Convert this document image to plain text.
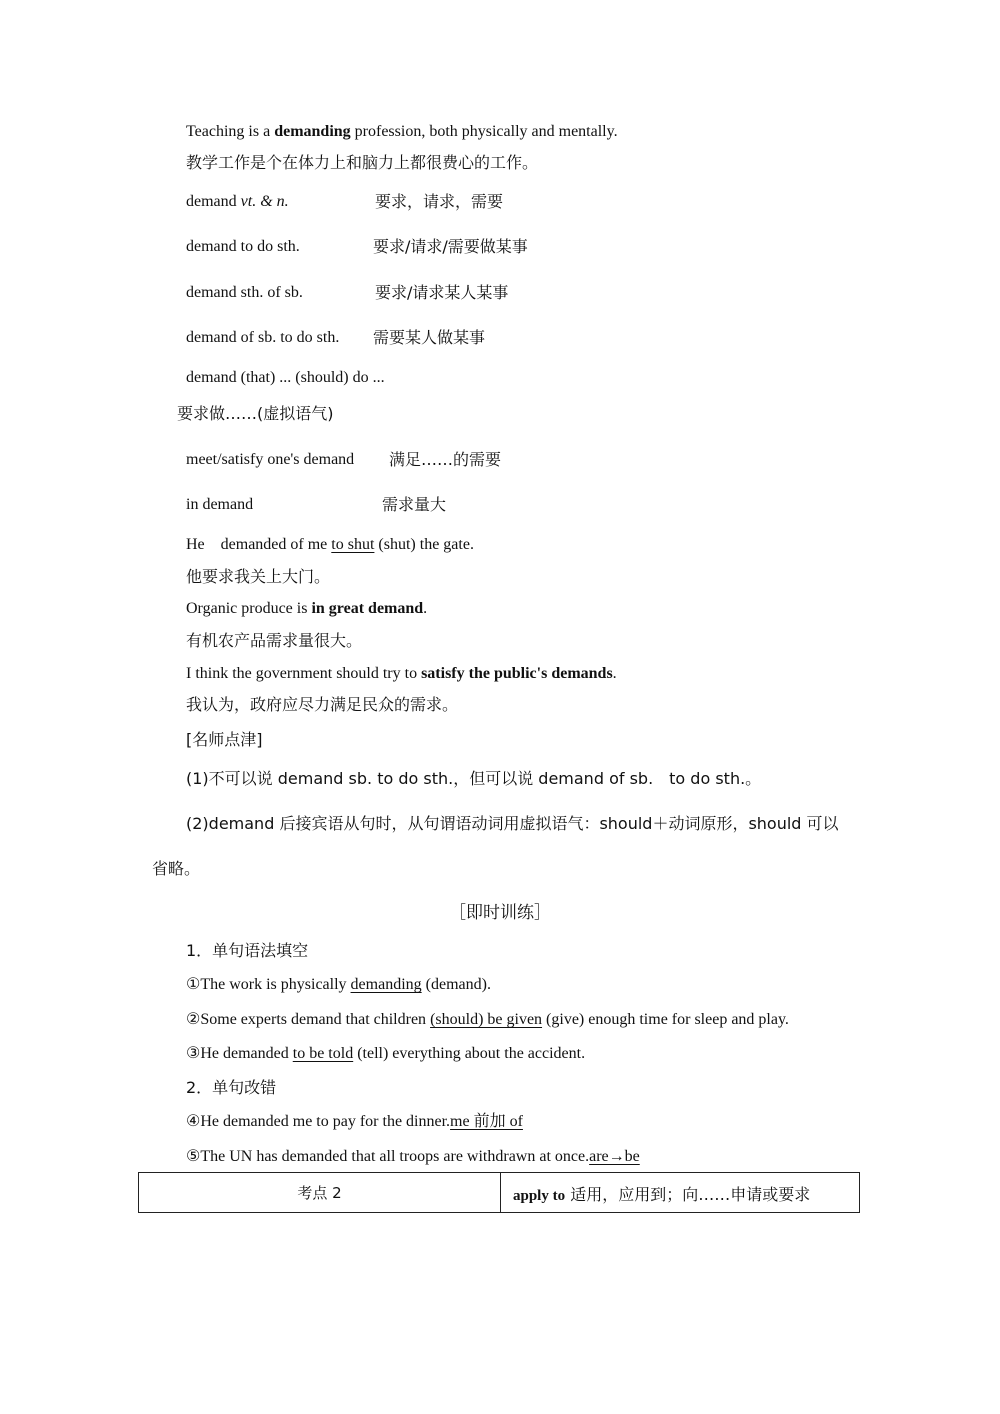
Teaching is a demanding profession, both physically and mentally.
教学工作是个在体力上和脑力上都很费心的工作。
demand vt. & n.	要求，请求，需要
demand to do sth.	要求/请求/需要做某事
demand sth. of sb.	要求/请求某人某事
demand of sb. to do sth. 需要某人做某事
demand (that) ... (should) do ...
要求做……(虚拟语气)
meet/satisfy one's demand 满足……的需要
in demand	需求量大
He　demanded of me to shut (shut) the gate.
他要求我关上大门。
Organic produce is in great demand.
有机农产品需求量很大。
I think the government should try to satisfy the public's demands.
我认为，政府应尽力满足民众的需求。
[名师点津]
(1)不可以说 demand sb. to do sth.，但可以说 demand of sb.　to do sth.。
(2)demand 后接宾语从句时，从句谓语动词用虚拟语气：should＋动词原形，should 可以
省略。
［即时训练］
1．单句语法填空
①The work is physically demanding (demand).
②Some experts demand that children (should) be given (give) enough time for sleep and play.
③He demanded to be told (tell) everything about the accident.
2．单句改错
④He demanded me to pay for the dinner.me 前加 of
⑤The UN has demanded that all troops are withdrawn at once.are→be
考点 2	apply to 适用，应用到；向……申请或要求
